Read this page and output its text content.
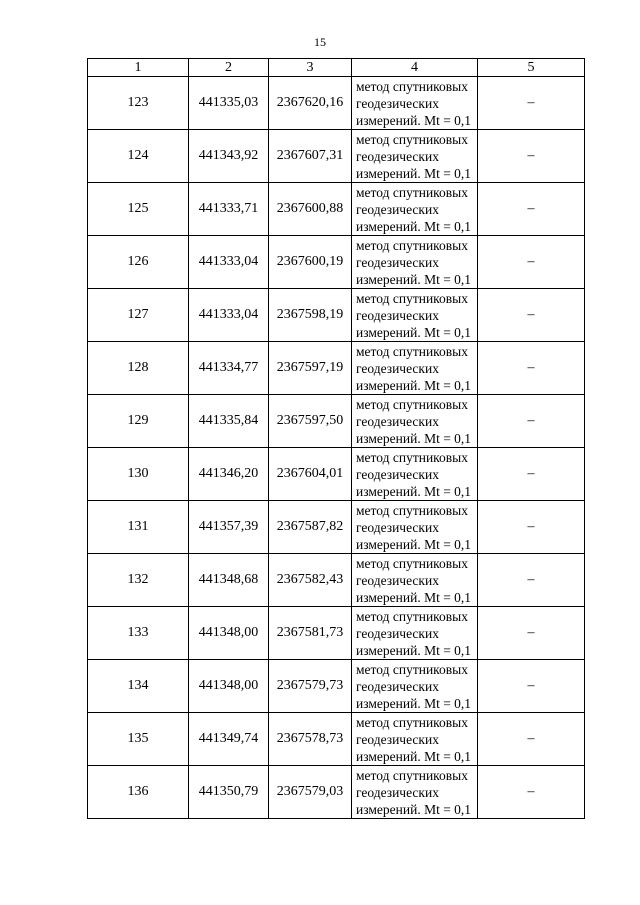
15
1	2	3	4	5
123	441335,03	2367620,16	метод спутниковых
геодезических
измерений. Mt = 0,1	–
124	441343,92	2367607,31	метод спутниковых
геодезических
измерений. Mt = 0,1	–
125	441333,71	2367600,88	метод спутниковых
геодезических
измерений. Mt = 0,1	–
126	441333,04	2367600,19	метод спутниковых
геодезических
измерений. Mt = 0,1	–
127	441333,04	2367598,19	метод спутниковых
геодезических
измерений. Mt = 0,1	–
128	441334,77	2367597,19	метод спутниковых
геодезических
измерений. Mt = 0,1	–
129	441335,84	2367597,50	метод спутниковых
геодезических
измерений. Mt = 0,1	–
130	441346,20	2367604,01	метод спутниковых
геодезических
измерений. Mt = 0,1	–
131	441357,39	2367587,82	метод спутниковых
геодезических
измерений. Mt = 0,1	–
132	441348,68	2367582,43	метод спутниковых
геодезических
измерений. Mt = 0,1	–
133	441348,00	2367581,73	метод спутниковых
геодезических
измерений. Mt = 0,1	–
134	441348,00	2367579,73	метод спутниковых
геодезических
измерений. Mt = 0,1	–
135	441349,74	2367578,73	метод спутниковых
геодезических
измерений. Mt = 0,1	–
136	441350,79	2367579,03	метод спутниковых
геодезических
измерений. Mt = 0,1	–
